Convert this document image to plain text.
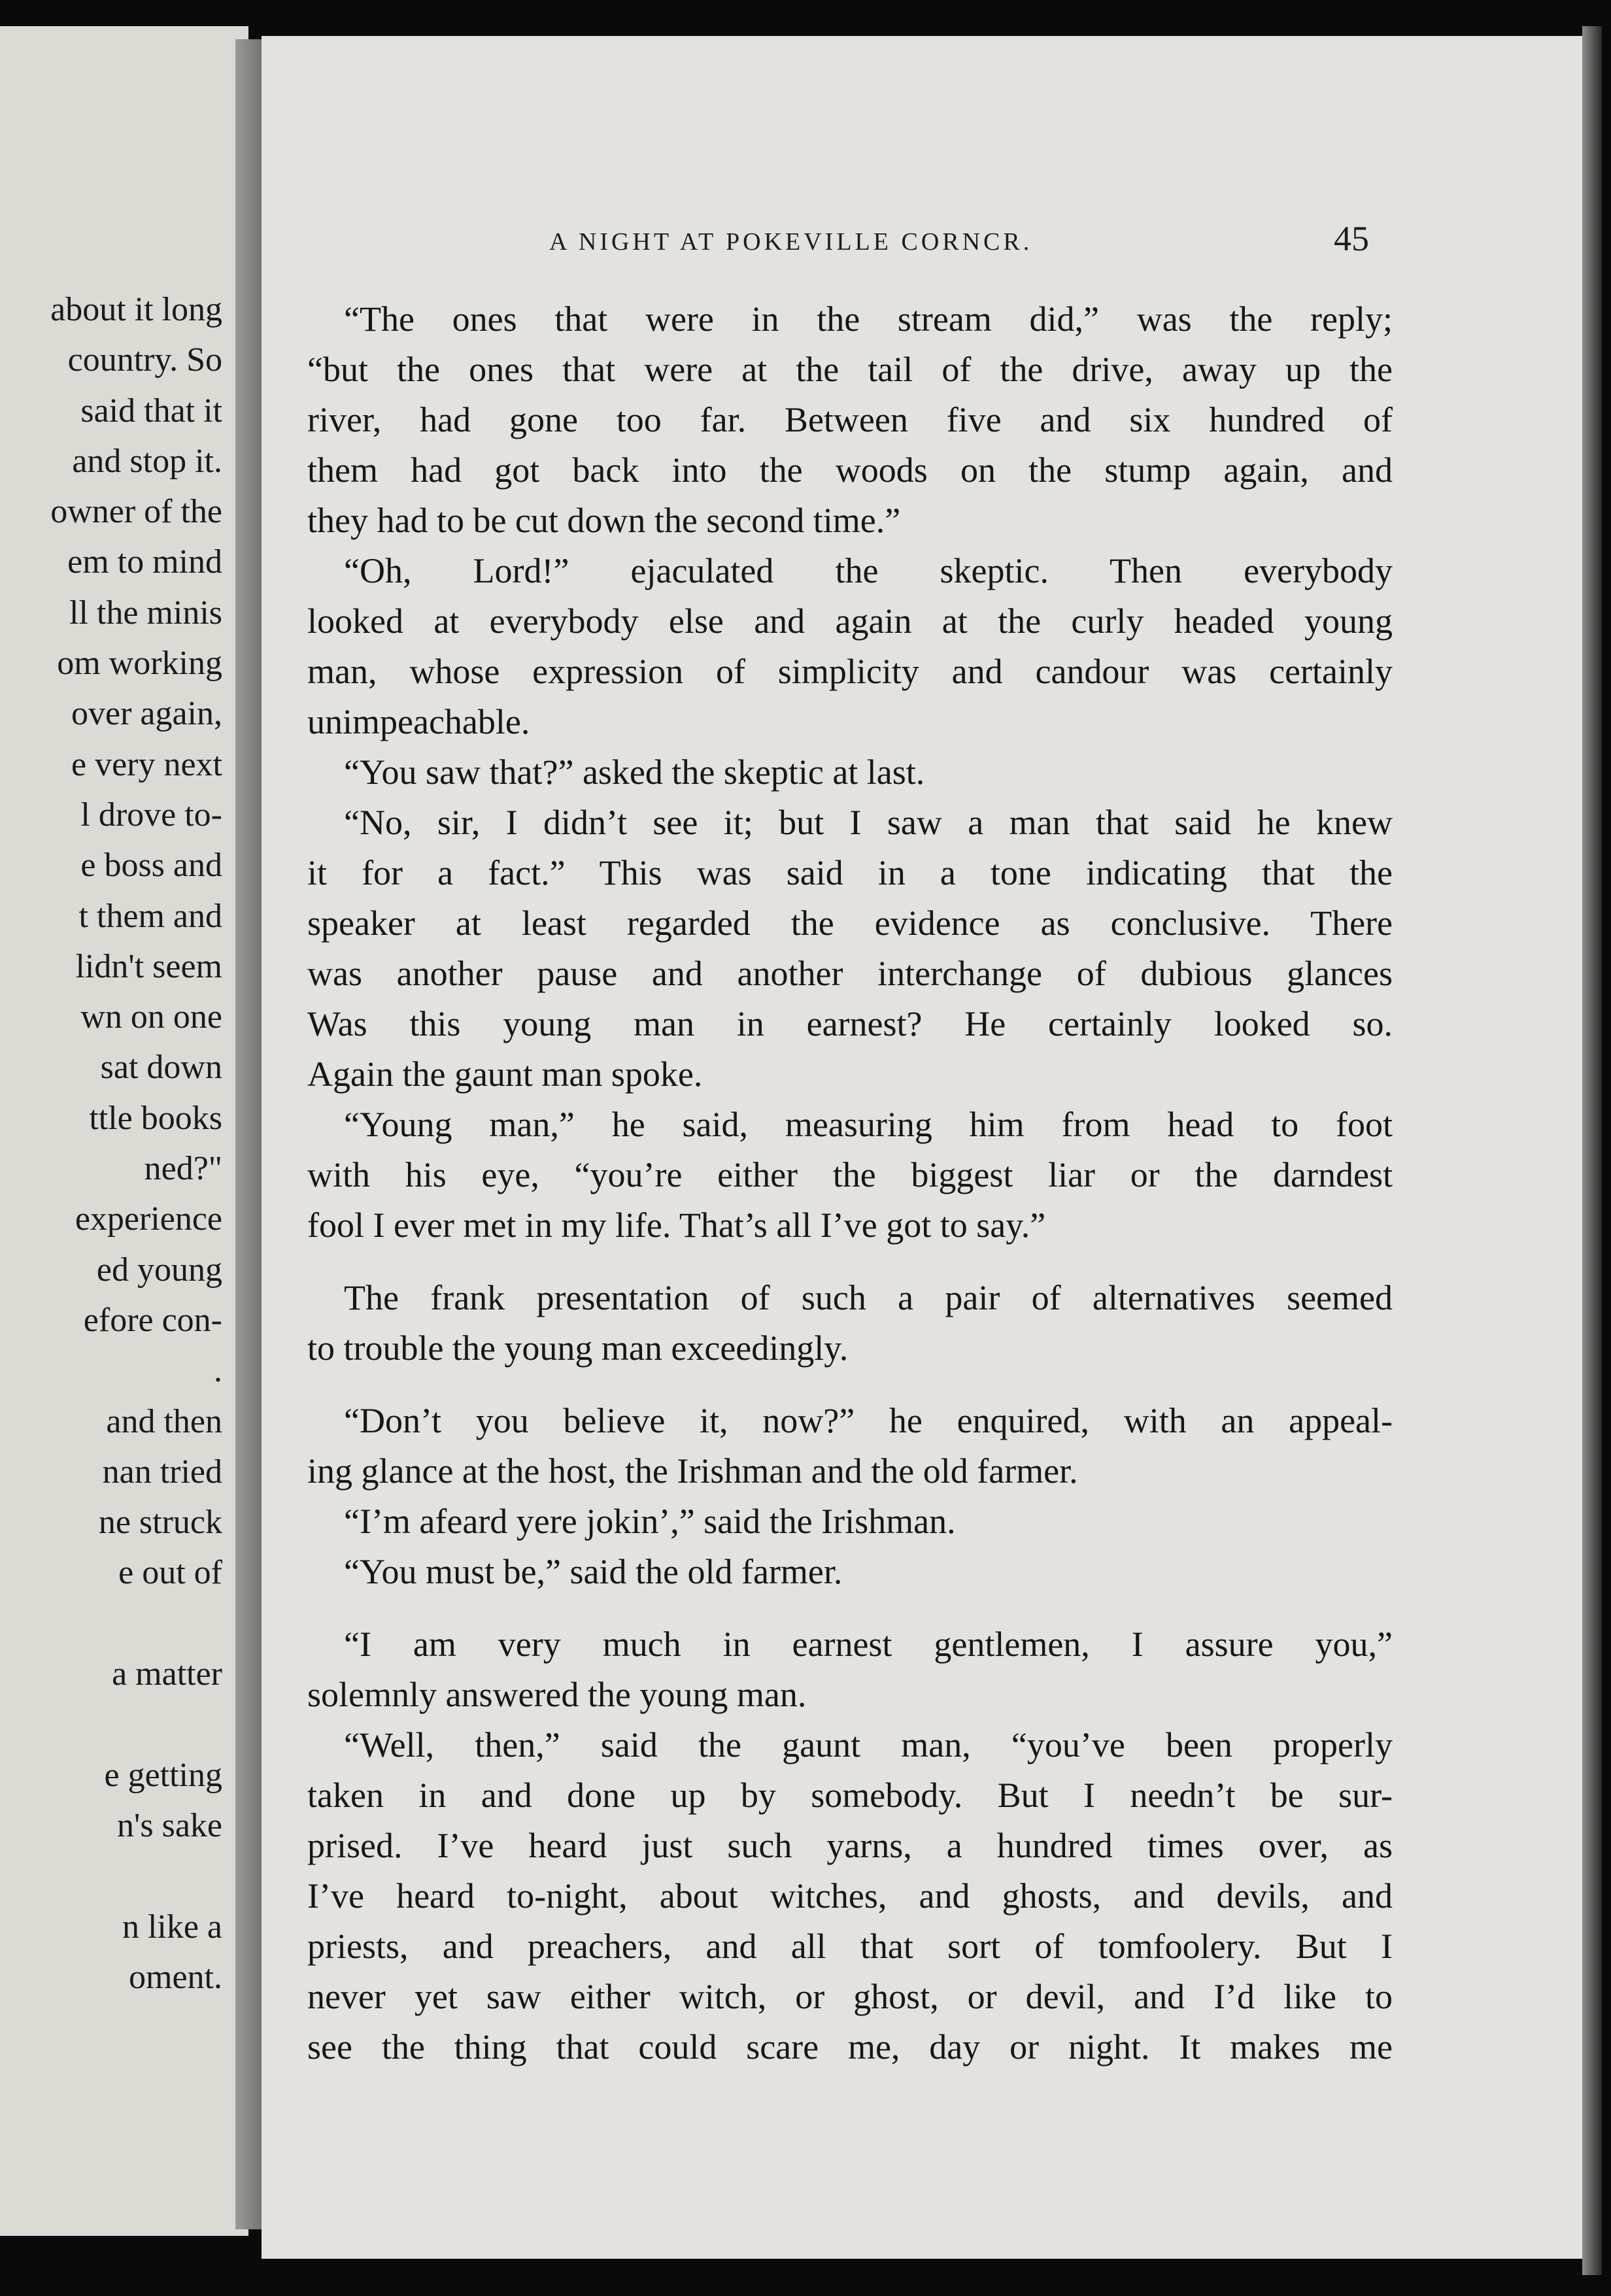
about it long
country. So
said that it
and stop it.
owner of the
em to mind
ll the minis
om working
over again,
e very next
l drove to-
e boss and
t them and
lidn't seem
wn on one
sat down
ttle books
ned?"
experience
ed young
efore con-
.
and then
nan tried
ne struck
e out of
a matter
e getting
n's sake
n like a
oment.
A NIGHT AT POKEVILLE CORNCR.	45
“The ones that were in the stream did,” was the reply;
“but the ones that were at the tail of the drive, away up the
river, had gone too far. Between five and six hundred of
them had got back into the woods on the stump again, and
they had to be cut down the second time.”
“Oh, Lord!” ejaculated the skeptic. Then everybody
looked at everybody else and again at the curly headed young
man, whose expression of simplicity and candour was certainly
unimpeachable.
“You saw that?” asked the skeptic at last.
“No, sir, I didn’t see it; but I saw a man that said he knew
it for a fact.” This was said in a tone indicating that the
speaker at least regarded the evidence as conclusive. There
was another pause and another interchange of dubious glances
Was this young man in earnest? He certainly looked so.
Again the gaunt man spoke.
“Young man,” he said, measuring him from head to foot
with his eye, “you’re either the biggest liar or the darndest
fool I ever met in my life. That’s all I’ve got to say.”
The frank presentation of such a pair of alternatives seemed
to trouble the young man exceedingly.
“Don’t you believe it, now?” he enquired, with an appeal-
ing glance at the host, the Irishman and the old farmer.
“I’m afeard yere jokin’,” said the Irishman.
“You must be,” said the old farmer.
“I am very much in earnest gentlemen, I assure you,”
solemnly answered the young man.
“Well, then,” said the gaunt man, “you’ve been properly
taken in and done up by somebody. But I needn’t be sur-
prised. I’ve heard just such yarns, a hundred times over, as
I’ve heard to-night, about witches, and ghosts, and devils, and
priests, and preachers, and all that sort of tomfoolery. But I
never yet saw either witch, or ghost, or devil, and I’d like to
see the thing that could scare me, day or night. It makes me
